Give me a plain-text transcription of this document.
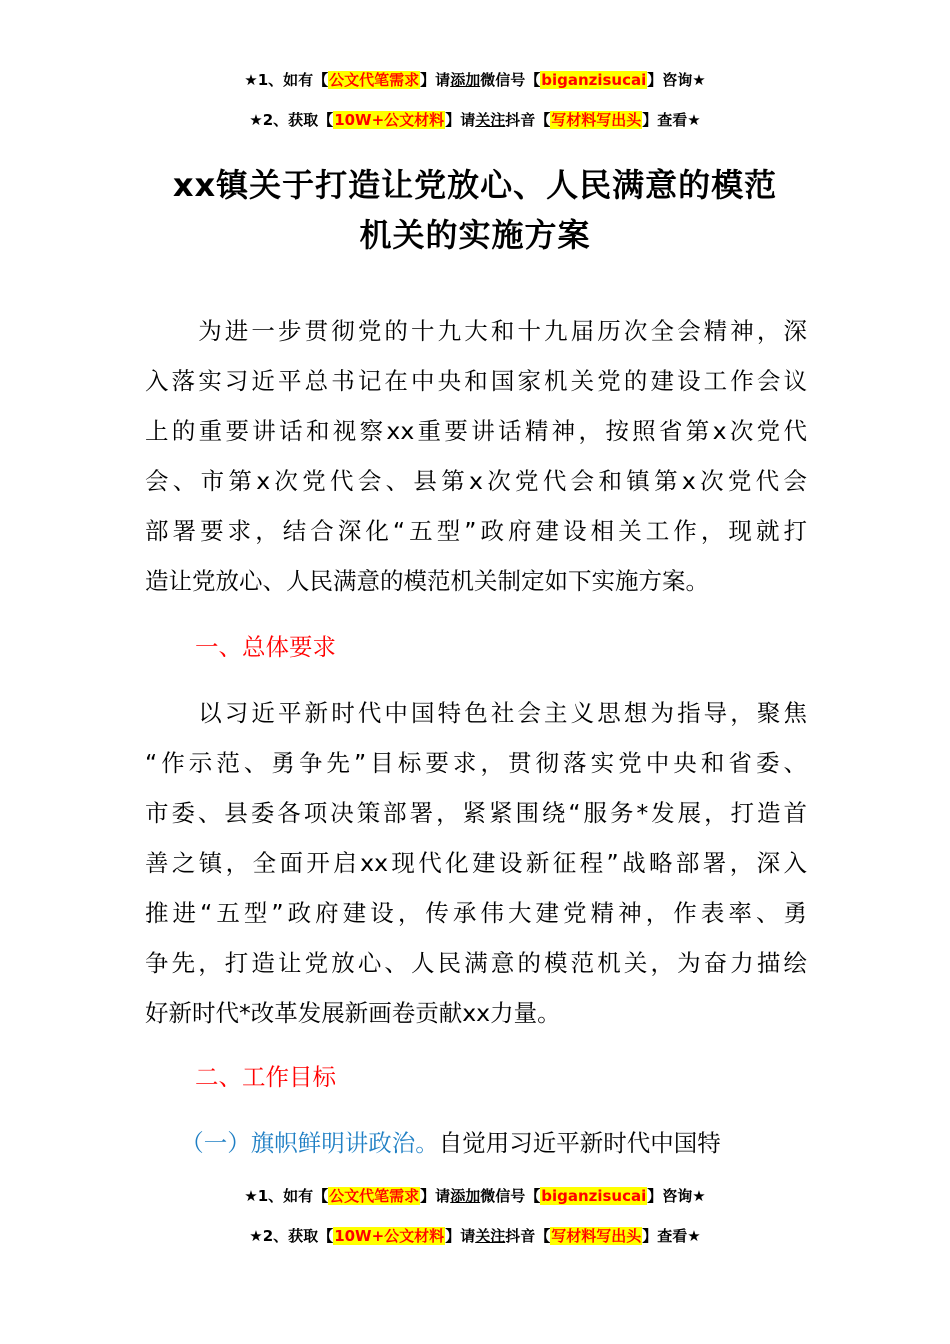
★1、如有【公文代笔需求】请添加微信号【biganzisucai】咨询★
★2、获取【10W+公文材料】请关注抖音【写材料写出头】查看★
xx镇关于打造让党放心、人民满意的模范
机关的实施方案
　　为进一步贯彻党的十九大和十九届历次全会精神，深
入落实习近平总书记在中央和国家机关党的建设工作会议
上的重要讲话和视察xx重要讲话精神，按照省第x次党代
会、市第x次党代会、县第x次党代会和镇第x次党代会
部署要求，结合深化“五型”政府建设相关工作，现就打
造让党放心、人民满意的模范机关制定如下实施方案。
一、总体要求
　　以习近平新时代中国特色社会主义思想为指导，聚焦
“作示范、勇争先”目标要求，贯彻落实党中央和省委、
市委、县委各项决策部署，紧紧围绕“服务*发展，打造首
善之镇，全面开启xx现代化建设新征程”战略部署，深入
推进“五型”政府建设，传承伟大建党精神，作表率、勇
争先，打造让党放心、人民满意的模范机关，为奋力描绘
好新时代*改革发展新画卷贡献xx力量。
二、工作目标
　　（一）旗帜鲜明讲政治。自觉用习近平新时代中国特
★1、如有【公文代笔需求】请添加微信号【biganzisucai】咨询★
★2、获取【10W+公文材料】请关注抖音【写材料写出头】查看★
